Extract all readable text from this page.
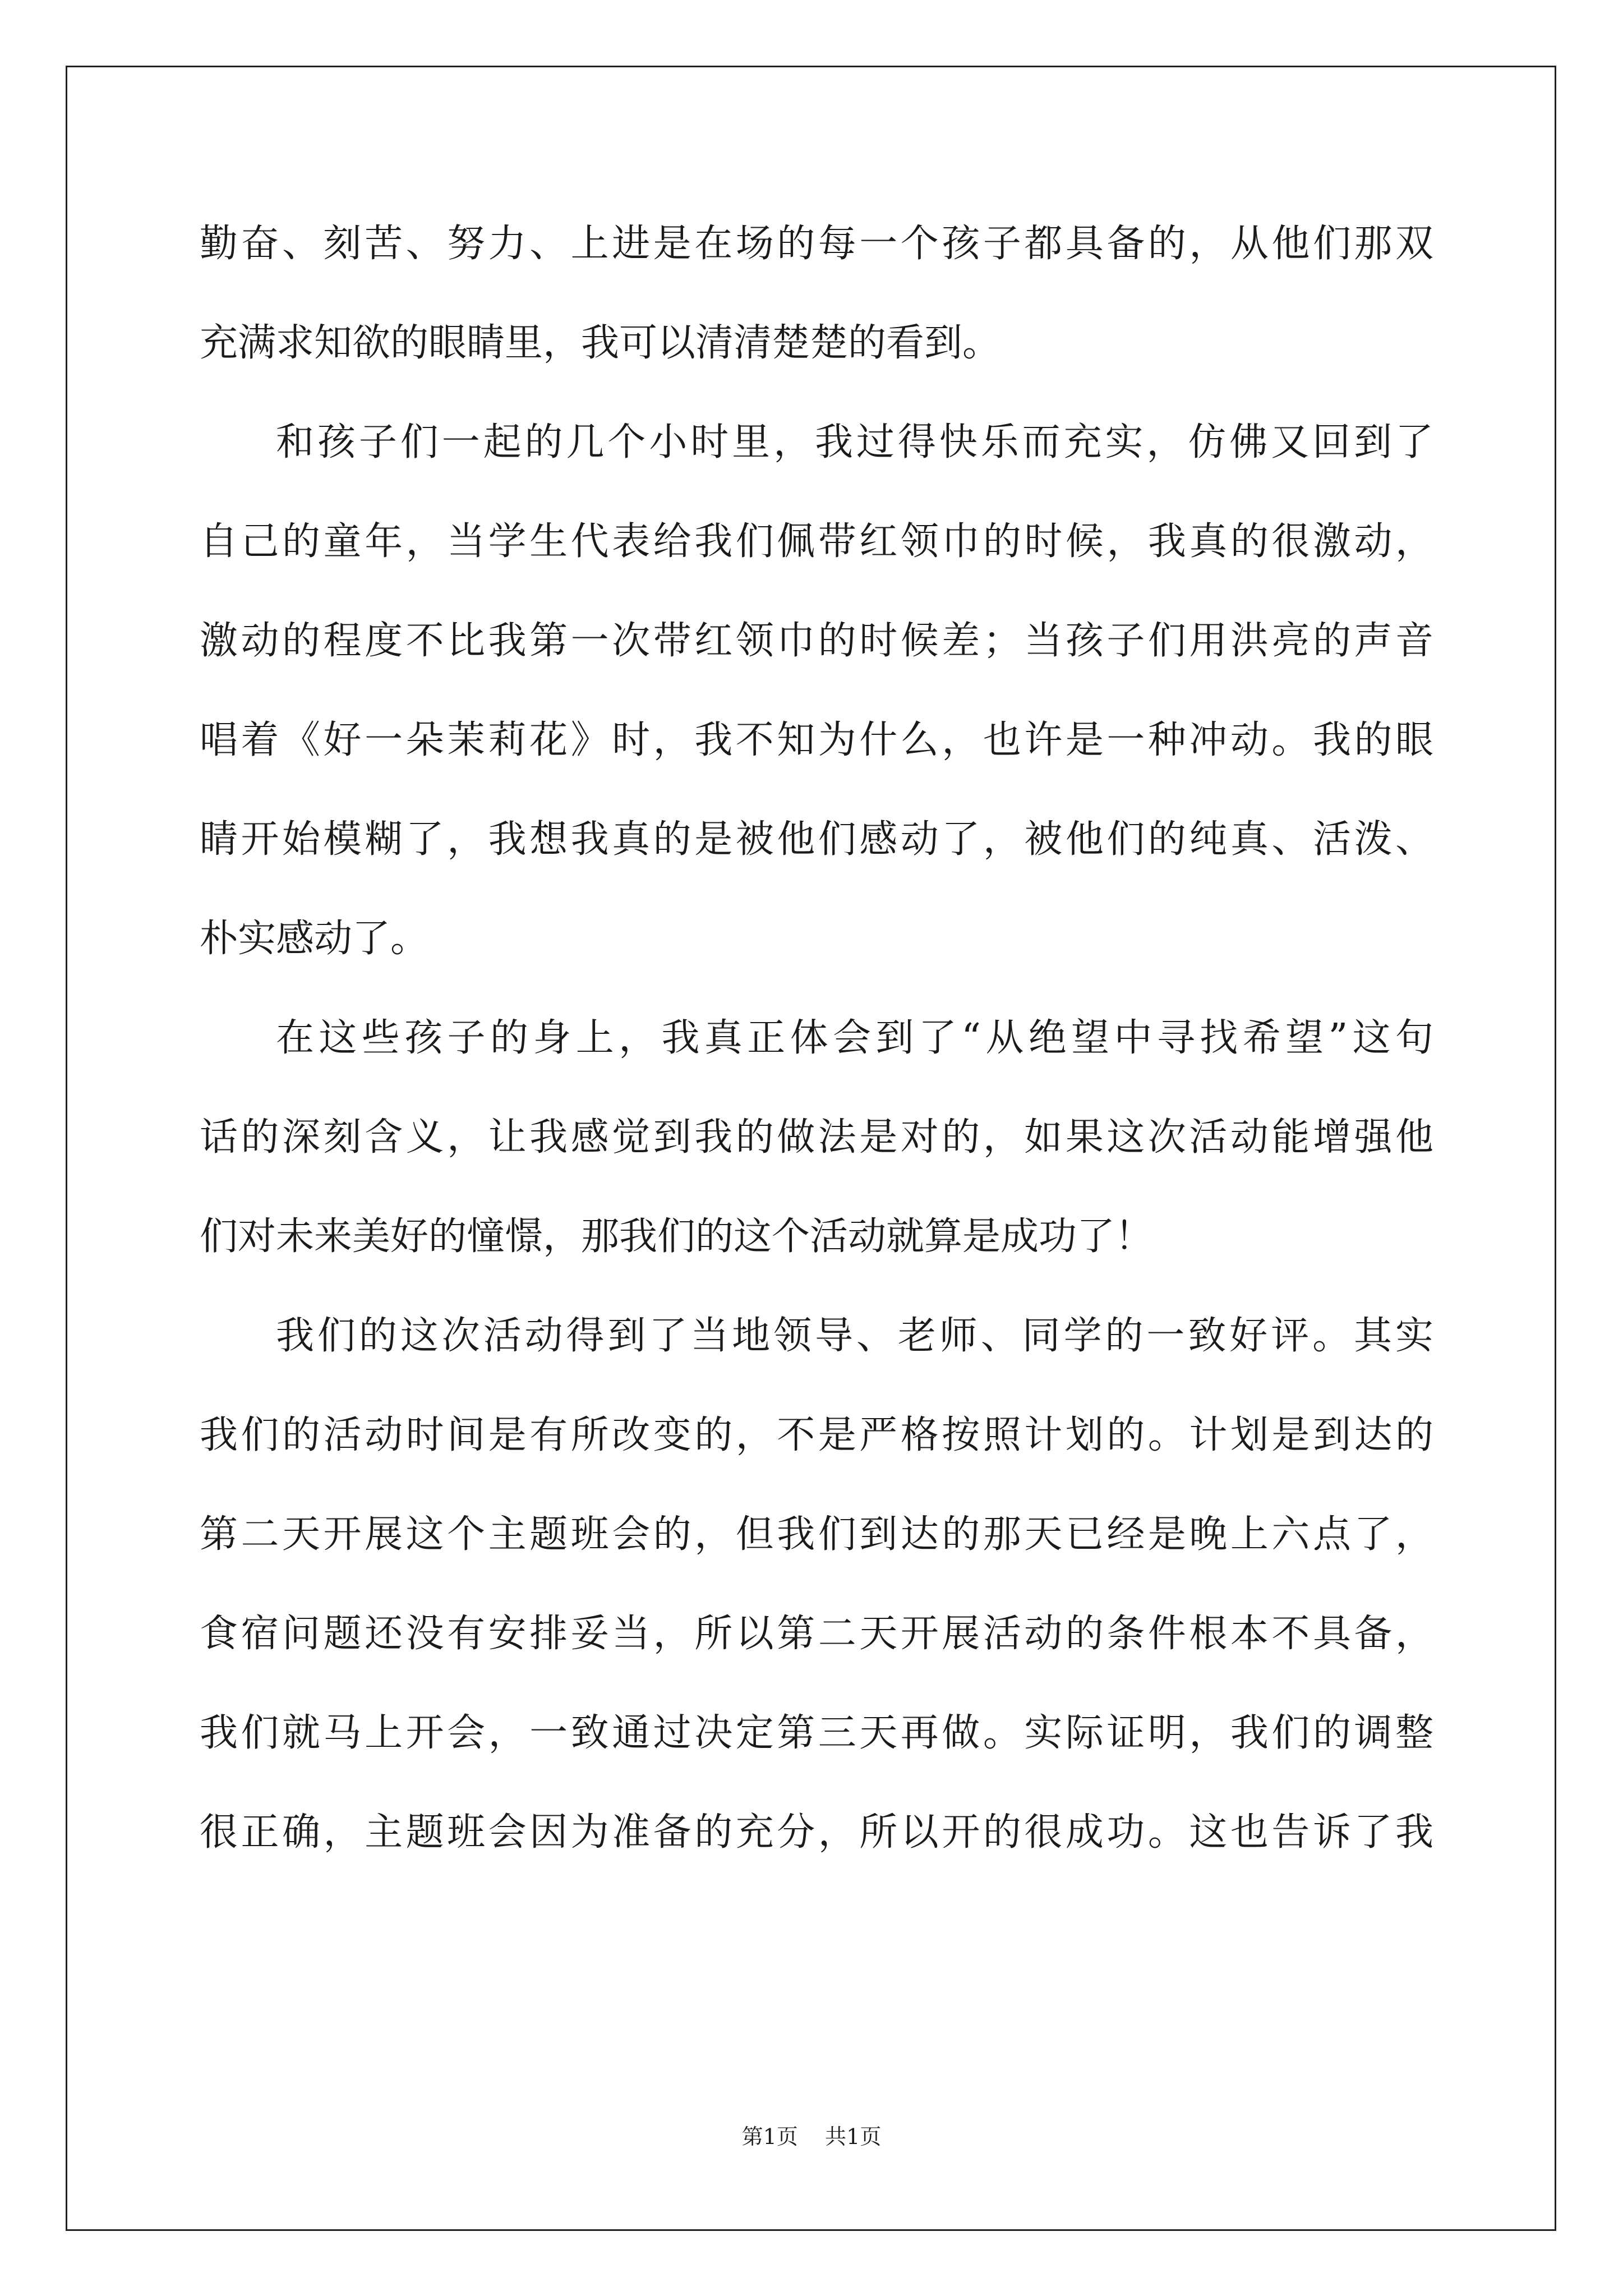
勤奋、刻苦、努力、上进是在场的每一个孩子都具备的，从他们那双
充满求知欲的眼睛里，我可以清清楚楚的看到。
和孩子们一起的几个小时里，我过得快乐而充实，仿佛又回到了
自己的童年，当学生代表给我们佩带红领巾的时候，我真的很激动，
激动的程度不比我第一次带红领巾的时候差；当孩子们用洪亮的声音
唱着《好一朵茉莉花》时，我不知为什么，也许是一种冲动。我的眼
睛开始模糊了，我想我真的是被他们感动了，被他们的纯真、活泼、
朴实感动了。
在这些孩子的身上，我真正体会到了“从绝望中寻找希望”这句
话的深刻含义，让我感觉到我的做法是对的，如果这次活动能增强他
们对未来美好的憧憬，那我们的这个活动就算是成功了！
我们的这次活动得到了当地领导、老师、同学的一致好评。其实
我们的活动时间是有所改变的，不是严格按照计划的。计划是到达的
第二天开展这个主题班会的，但我们到达的那天已经是晚上六点了，
食宿问题还没有安排妥当，所以第二天开展活动的条件根本不具备，
我们就马上开会，一致通过决定第三天再做。实际证明，我们的调整
很正确，主题班会因为准备的充分，所以开的很成功。这也告诉了我
第1页    共1页
